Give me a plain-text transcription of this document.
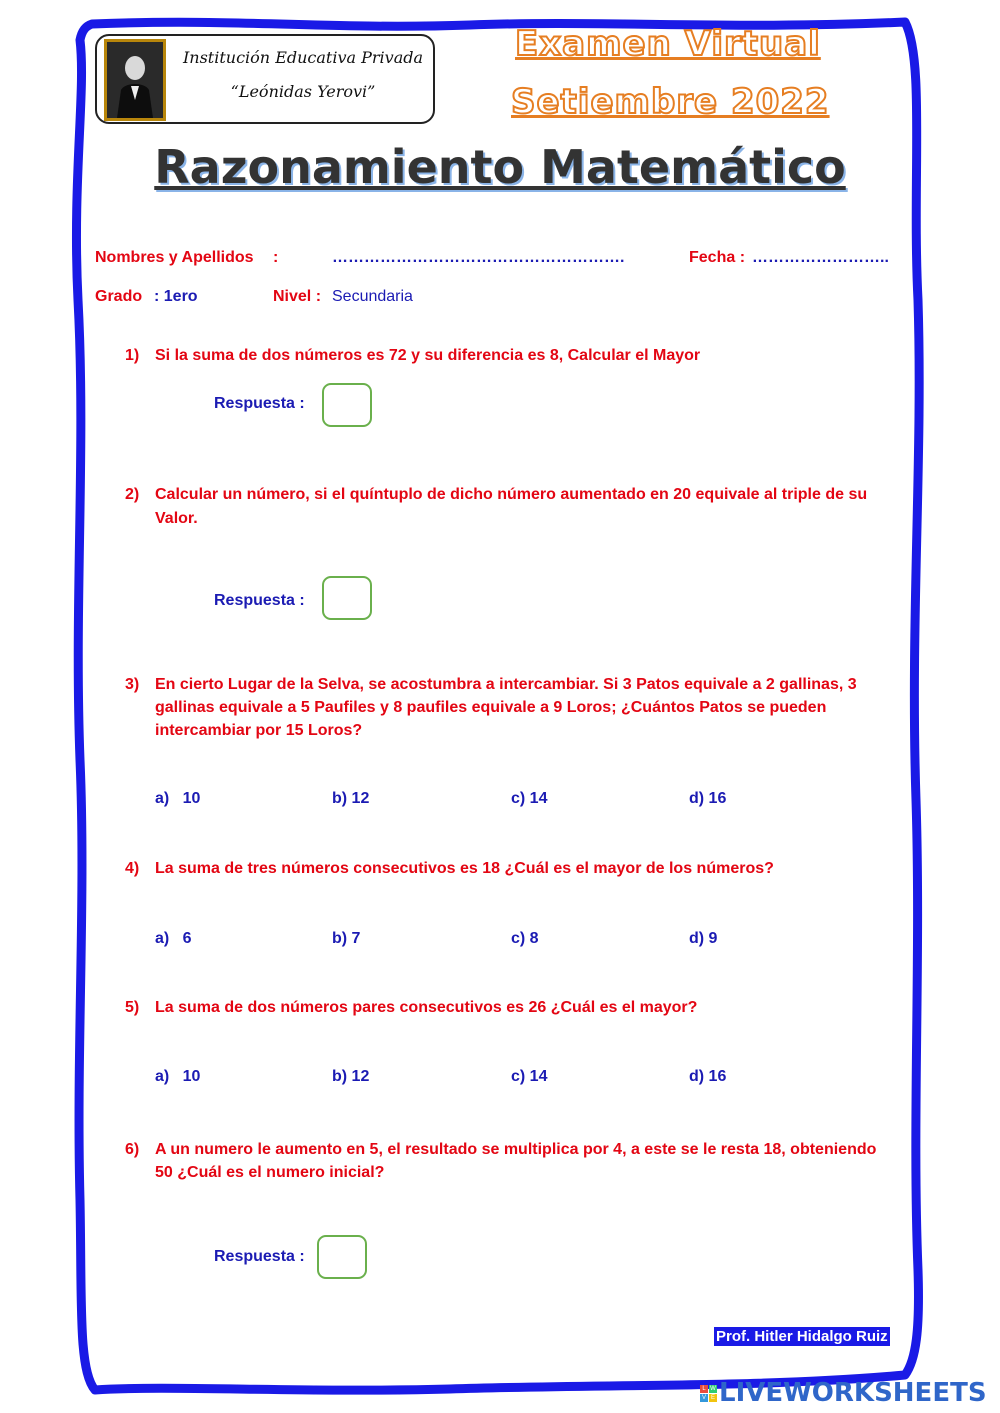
Institución Educativa Privada
“Leónidas Yerovi”
Examen Virtual
Setiembre 2022
Razonamiento Matemático
Nombres y Apellidos :	……………………………………………….	Fecha : ……………………..
Grado : 1ero	Nivel : Secundaria
1) Si la suma de dos números es 72 y su diferencia es 8, Calcular el Mayor
Respuesta :
2) Calcular un número, si el quíntuplo de dicho número aumentado en 20 equivale al triple de su
Valor.
Respuesta :
3) En cierto Lugar de la Selva, se acostumbra a intercambiar. Si 3 Patos equivale a 2 gallinas, 3
gallinas equivale a 5 Paufiles y 8 paufiles equivale a 9 Loros; ¿Cuántos Patos se pueden
intercambiar por 15 Loros?
a)   10	b) 12	c) 14	d) 16
4) La suma de tres números consecutivos es 18 ¿Cuál es el mayor de los números?
a)   6	b) 7	c) 8	d) 9
5) La suma de dos números pares consecutivos es 26 ¿Cuál es el mayor?
a)   10	b) 12	c) 14	d) 16
6) A un numero le aumento en 5, el resultado se multiplica por 4, a este se le resta 18, obteniendo
50 ¿Cuál es el numero inicial?
Respuesta :
Prof. Hitler Hidalgo Ruiz
L W
V E LIVEWORKSHEETS
